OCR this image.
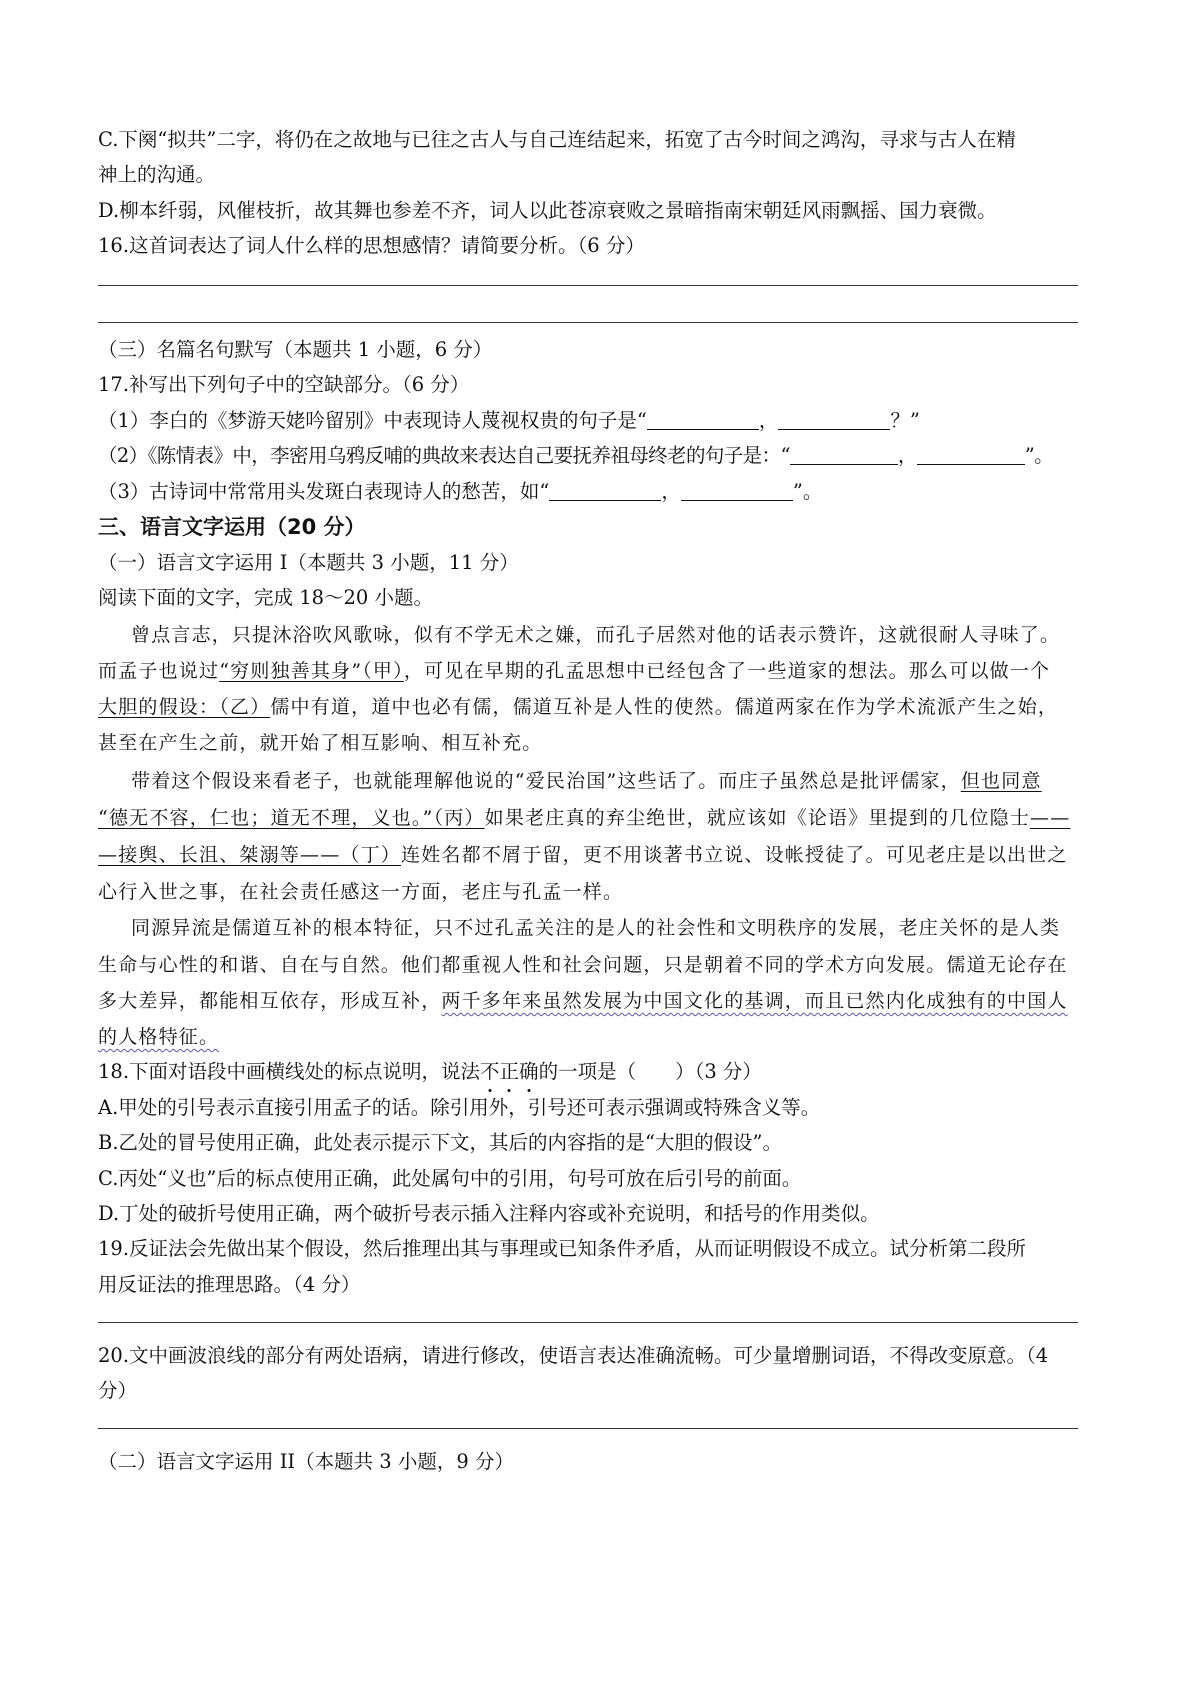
C.下阕“拟共”二字，将仍在之故地与已往之古人与自己连结起来，拓宽了古今时间之鸿沟，寻求与古人在精
神上的沟通。
D.柳本纤弱，风催枝折，故其舞也参差不齐，词人以此苍凉衰败之景暗指南宋朝廷风雨飘摇、国力衰微。
16.这首词表达了词人什么样的思想感情？请简要分析。（6 分）
（三）名篇名句默写（本题共 1 小题，6 分）
17.补写出下列句子中的空缺部分。（6 分）
（1）李白的《梦游天姥吟留别》中表现诗人蔑视权贵的句子是“	，	？”
（2）《陈情表》中，李密用乌鸦反哺的典故来表达自己要抚养祖母终老的句子是：“	，	”。
（3）古诗词中常常用头发斑白表现诗人的愁苦，如“	，	”。
三、语言文字运用（20 分）
（一）语言文字运用 I（本题共 3 小题，11 分）
阅读下面的文字，完成 18～20 小题。
曾点言志，只提沐浴吹风歌咏，似有不学无术之嫌，而孔子居然对他的话表示赞许，这就很耐人寻味了。
而孟子也说过“穷则独善其身”（甲），可见在早期的孔孟思想中已经包含了一些道家的想法。那么可以做一个
大胆的假设：（乙）儒中有道，道中也必有儒，儒道互补是人性的使然。儒道两家在作为学术流派产生之始，
甚至在产生之前，就开始了相互影响、相互补充。
带着这个假设来看老子，也就能理解他说的“爱民治国”这些话了。而庄子虽然总是批评儒家，但也同意
“德无不容，仁也；道无不理，义也。”（丙）如果老庄真的弃尘绝世，就应该如《论语》里提到的几位隐士——
—接舆、长沮、桀溺等——（丁）连姓名都不屑于留，更不用谈著书立说、设帐授徒了。可见老庄是以出世之
心行入世之事，在社会责任感这一方面，老庄与孔孟一样。
同源异流是儒道互补的根本特征，只不过孔孟关注的是人的社会性和文明秩序的发展，老庄关怀的是人类
生命与心性的和谐、自在与自然。他们都重视人性和社会问题，只是朝着不同的学术方向发展。儒道无论存在
多大差异，都能相互依存，形成互补，两千多年来虽然发展为中国文化的基调，而且已然内化成独有的中国人
的人格特征。
18.下面对语段中画横线处的标点说明，说法不正确的一项是（　　）（3 分）
A.甲处的引号表示直接引用孟子的话。除引用外，引号还可表示强调或特殊含义等。
B.乙处的冒号使用正确，此处表示提示下文，其后的内容指的是“大胆的假设”。
C.丙处“义也”后的标点使用正确，此处属句中的引用，句号可放在后引号的前面。
D.丁处的破折号使用正确，两个破折号表示插入注释内容或补充说明，和括号的作用类似。
19.反证法会先做出某个假设，然后推理出其与事理或已知条件矛盾，从而证明假设不成立。试分析第二段所
用反证法的推理思路。（4 分）
20.文中画波浪线的部分有两处语病，请进行修改，使语言表达准确流畅。可少量增删词语，不得改变原意。（4
分）
（二）语言文字运用 II（本题共 3 小题，9 分）
